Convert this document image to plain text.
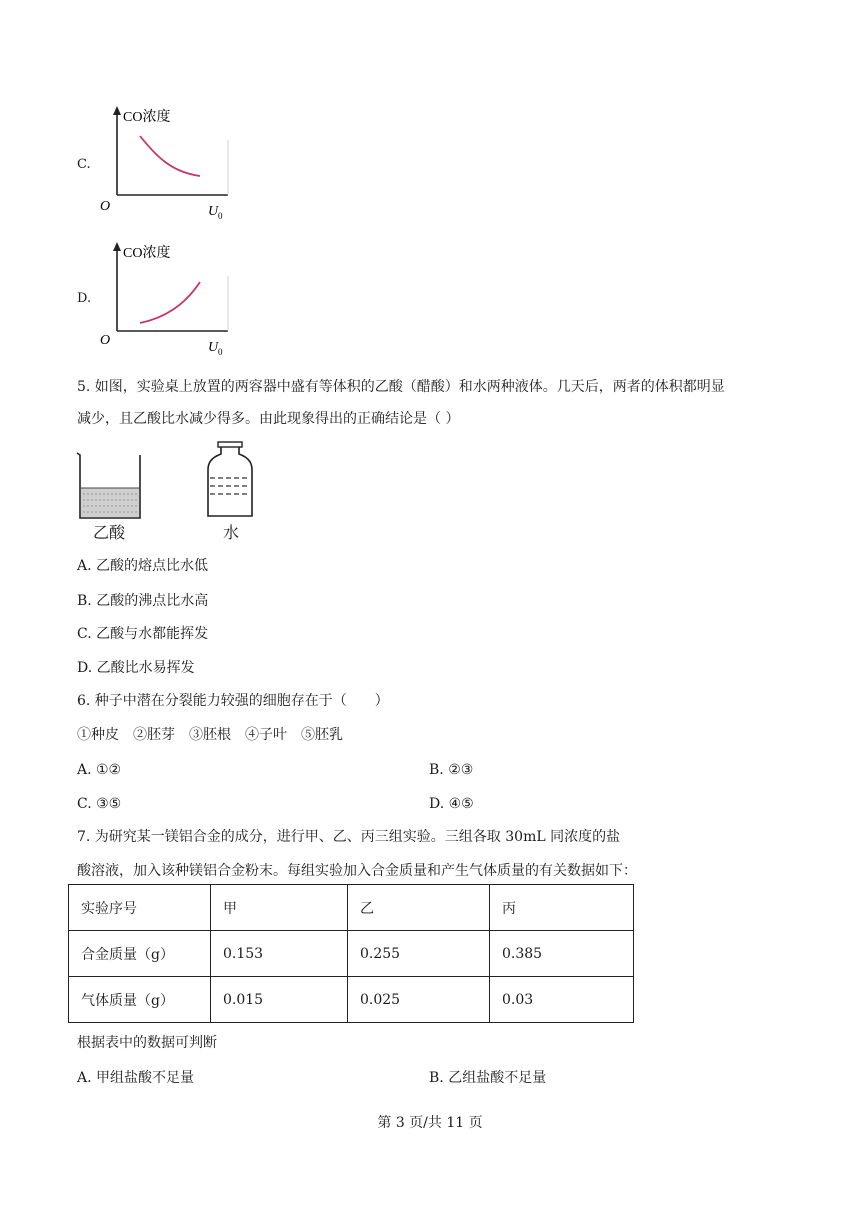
C.
CO浓度
O	U 0
D.
CO浓度
O	U 0
5. 如图，实验桌上放置的两容器中盛有等体积的乙酸（醋酸）和水两种液体。几天后，两者的体积都明显
减少，且乙酸比水减少得多。由此现象得出的正确结论是（ ）
乙酸	水
A. 乙酸的熔点比水低
B. 乙酸的沸点比水高
C. 乙酸与水都能挥发
D. 乙酸比水易挥发
6. 种子中潜在分裂能力较强的细胞存在于（　　）
①种皮　②胚芽　③胚根　④子叶　⑤胚乳
A. ①②	B. ②③
C. ③⑤	D. ④⑤
7. 为研究某一镁铝合金的成分，进行甲、乙、丙三组实验。三组各取 30mL 同浓度的盐
酸溶液，加入该种镁铝合金粉末。每组实验加入合金质量和产生气体质量的有关数据如下：
实验序号	甲	乙	丙
合金质量（g）	0.153	0.255	0.385
气体质量（g）	0.015	0.025	0.03
根据表中的数据可判断
A. 甲组盐酸不足量	B. 乙组盐酸不足量
第 3 页/共 11 页
